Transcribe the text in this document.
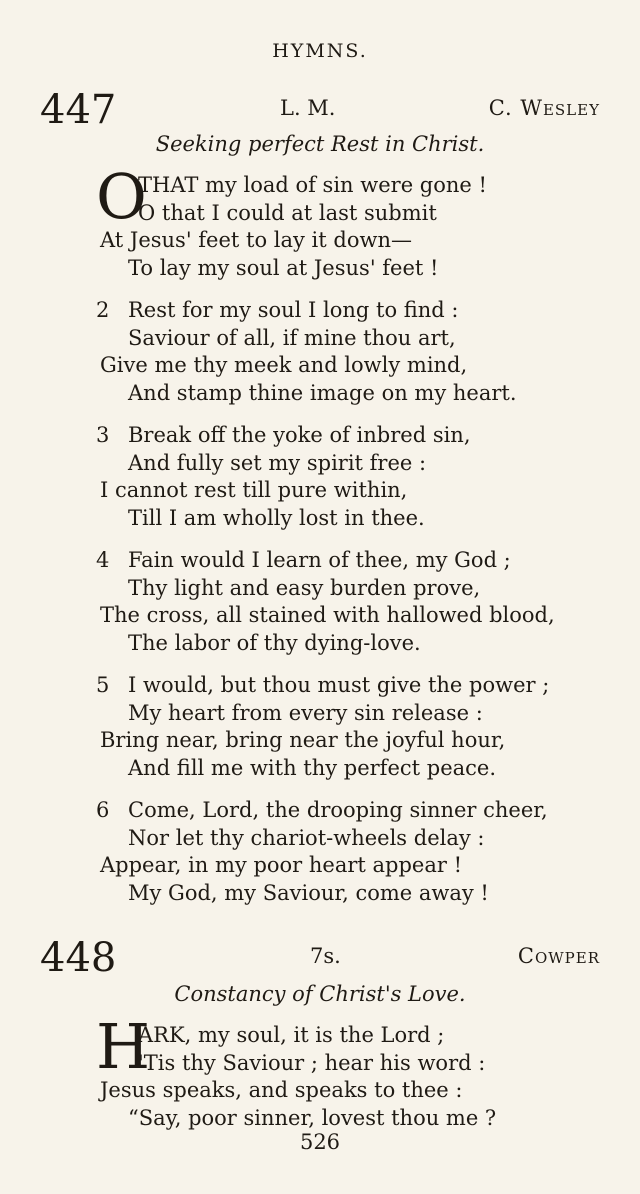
HYMNS.
447	L. M.	C. Wesley
Seeking perfect Rest in Christ.
O
THAT my load of sin were gone !
O that I could at last submit
At Jesus' feet to lay it down—
To lay my soul at Jesus' feet !
2 Rest for my soul I long to find :
Saviour of all, if mine thou art,
Give me thy meek and lowly mind,
And stamp thine image on my heart.
3 Break off the yoke of inbred sin,
And fully set my spirit free :
I cannot rest till pure within,
Till I am wholly lost in thee.
4 Fain would I learn of thee, my God ;
Thy light and easy burden prove,
The cross, all stained with hallowed blood,
The labor of thy dying-love.
5 I would, but thou must give the power ;
My heart from every sin release :
Bring near, bring near the joyful hour,
And fill me with thy perfect peace.
6 Come, Lord, the drooping sinner cheer,
Nor let thy chariot-wheels delay :
Appear, in my poor heart appear !
My God, my Saviour, come away !
448	7s.	Cowper
Constancy of Christ's Love.
H
ARK, my soul, it is the Lord ;
'Tis thy Saviour ; hear his word :
Jesus speaks, and speaks to thee :
“Say, poor sinner, lovest thou me ?
526
